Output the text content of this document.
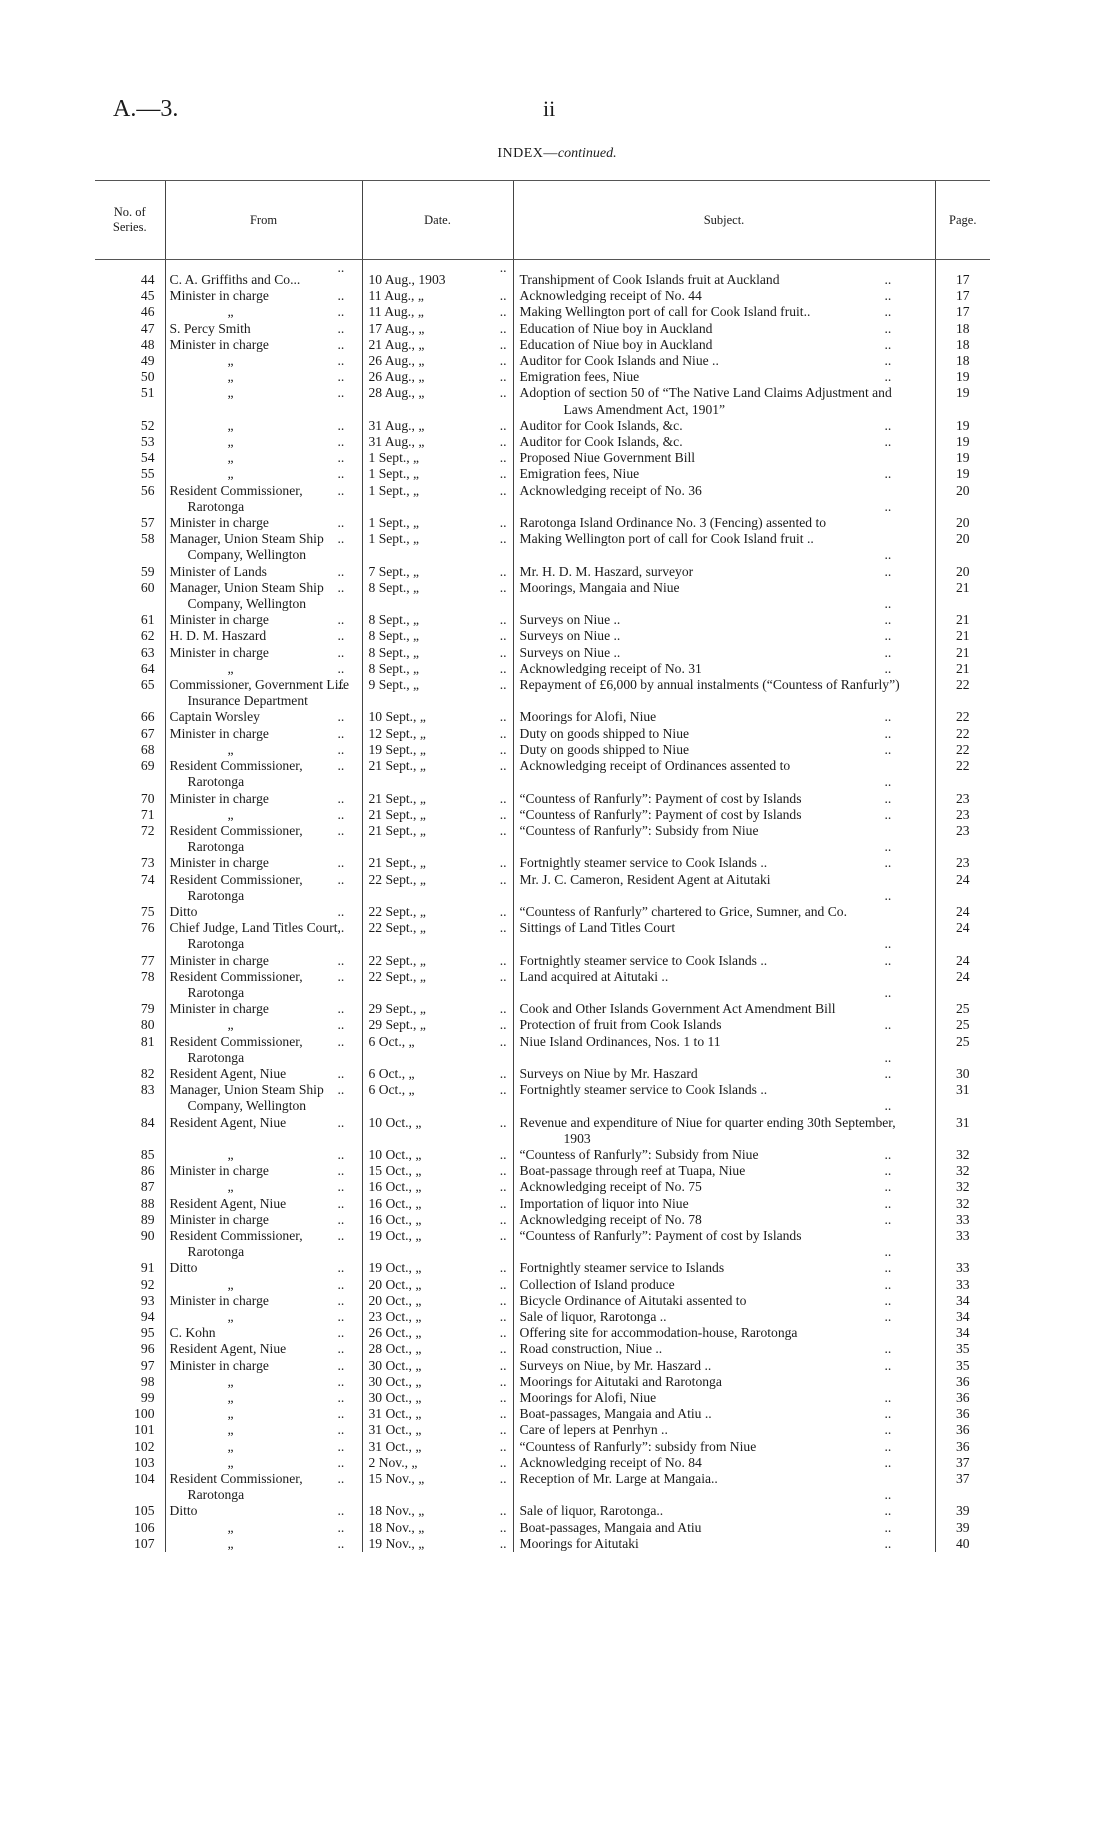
A.—3.	ii
INDEX—continued.
No. of Series.	From	Date.	Subject.	Page.
44	C. A. Griffiths and Co... ..	10 Aug., 1903 ..	Transhipment of Cook Islands fruit at Auckland ..	17
45	Minister in charge ..	11 Aug., „ ..	Acknowledging receipt of No. 44 ..	17
46	„ ..	11 Aug., „ ..	Making Wellington port of call for Cook Island fruit.. ..	17
47	S. Percy Smith ..	17 Aug., „ ..	Education of Niue boy in Auckland ..	18
48	Minister in charge ..	21 Aug., „ ..	Education of Niue boy in Auckland ..	18
49	„ ..	26 Aug., „ ..	Auditor for Cook Islands and Niue .. ..	18
50	„ ..	26 Aug., „ ..	Emigration fees, Niue ..	19
51	„ ..	28 Aug., „ ..	Adoption of section 50 of “The Native Land Claims Adjustment and Laws Amendment Act, 1901”	19
52	„ ..	31 Aug., „ ..	Auditor for Cook Islands, &c. ..	19
53	„ ..	31 Aug., „ ..	Auditor for Cook Islands, &c. ..	19
54	„ ..	1 Sept., „ ..	Proposed Niue Government Bill	19
55	„ ..	1 Sept., „ ..	Emigration fees, Niue ..	19
56	Resident Commissioner, Rarotonga ..	1 Sept., „ ..	Acknowledging receipt of No. 36 ..	20
57	Minister in charge ..	1 Sept., „ ..	Rarotonga Island Ordinance No. 3 (Fencing) assented to	20
58	Manager, Union Steam Ship Company, Wellington ..	1 Sept., „ ..	Making Wellington port of call for Cook Island fruit .. ..	20
59	Minister of Lands ..	7 Sept., „ ..	Mr. H. D. M. Haszard, surveyor ..	20
60	Manager, Union Steam Ship Company, Wellington ..	8 Sept., „ ..	Moorings, Mangaia and Niue ..	21
61	Minister in charge ..	8 Sept., „ ..	Surveys on Niue .. ..	21
62	H. D. M. Haszard ..	8 Sept., „ ..	Surveys on Niue .. ..	21
63	Minister in charge ..	8 Sept., „ ..	Surveys on Niue .. ..	21
64	„ ..	8 Sept., „ ..	Acknowledging receipt of No. 31 ..	21
65	Commissioner, Government Life Insurance Department ..	9 Sept., „ ..	Repayment of £6,000 by annual instalments (“Countess of Ranfurly”)	22
66	Captain Worsley ..	10 Sept., „ ..	Moorings for Alofi, Niue ..	22
67	Minister in charge ..	12 Sept., „ ..	Duty on goods shipped to Niue ..	22
68	„ ..	19 Sept., „ ..	Duty on goods shipped to Niue ..	22
69	Resident Commissioner, Rarotonga ..	21 Sept., „ ..	Acknowledging receipt of Ordinances assented to ..	22
70	Minister in charge ..	21 Sept., „ ..	“Countess of Ranfurly”: Payment of cost by Islands ..	23
71	„ ..	21 Sept., „ ..	“Countess of Ranfurly”: Payment of cost by Islands ..	23
72	Resident Commissioner, Rarotonga ..	21 Sept., „ ..	“Countess of Ranfurly”: Subsidy from Niue ..	23
73	Minister in charge ..	21 Sept., „ ..	Fortnightly steamer service to Cook Islands .. ..	23
74	Resident Commissioner, Rarotonga ..	22 Sept., „ ..	Mr. J. C. Cameron, Resident Agent at Aitutaki ..	24
75	Ditto ..	22 Sept., „ ..	“Countess of Ranfurly” chartered to Grice, Sumner, and Co.	24
76	Chief Judge, Land Titles Court, Rarotonga ..	22 Sept., „ ..	Sittings of Land Titles Court ..	24
77	Minister in charge ..	22 Sept., „ ..	Fortnightly steamer service to Cook Islands .. ..	24
78	Resident Commissioner, Rarotonga ..	22 Sept., „ ..	Land acquired at Aitutaki .. ..	24
79	Minister in charge ..	29 Sept., „ ..	Cook and Other Islands Government Act Amendment Bill	25
80	„ ..	29 Sept., „ ..	Protection of fruit from Cook Islands ..	25
81	Resident Commissioner, Rarotonga ..	6 Oct., „ ..	Niue Island Ordinances, Nos. 1 to 11 ..	25
82	Resident Agent, Niue ..	6 Oct., „ ..	Surveys on Niue by Mr. Haszard ..	30
83	Manager, Union Steam Ship Company, Wellington ..	6 Oct., „ ..	Fortnightly steamer service to Cook Islands .. ..	31
84	Resident Agent, Niue ..	10 Oct., „ ..	Revenue and expenditure of Niue for quarter ending 30th September, 1903	31
85	„ ..	10 Oct., „ ..	“Countess of Ranfurly”: Subsidy from Niue ..	32
86	Minister in charge ..	15 Oct., „ ..	Boat-passage through reef at Tuapa, Niue ..	32
87	„ ..	16 Oct., „ ..	Acknowledging receipt of No. 75 ..	32
88	Resident Agent, Niue ..	16 Oct., „ ..	Importation of liquor into Niue ..	32
89	Minister in charge ..	16 Oct., „ ..	Acknowledging receipt of No. 78 ..	33
90	Resident Commissioner, Rarotonga ..	19 Oct., „ ..	“Countess of Ranfurly”: Payment of cost by Islands ..	33
91	Ditto ..	19 Oct., „ ..	Fortnightly steamer service to Islands ..	33
92	„ ..	20 Oct., „ ..	Collection of Island produce ..	33
93	Minister in charge ..	20 Oct., „ ..	Bicycle Ordinance of Aitutaki assented to ..	34
94	„ ..	23 Oct., „ ..	Sale of liquor, Rarotonga .. ..	34
95	C. Kohn ..	26 Oct., „ ..	Offering site for accommodation-house, Rarotonga	34
96	Resident Agent, Niue ..	28 Oct., „ ..	Road construction, Niue .. ..	35
97	Minister in charge ..	30 Oct., „ ..	Surveys on Niue, by Mr. Haszard .. ..	35
98	„ ..	30 Oct., „ ..	Moorings for Aitutaki and Rarotonga	36
99	„ ..	30 Oct., „ ..	Moorings for Alofi, Niue ..	36
100	„ ..	31 Oct., „ ..	Boat-passages, Mangaia and Atiu .. ..	36
101	„ ..	31 Oct., „ ..	Care of lepers at Penrhyn .. ..	36
102	„ ..	31 Oct., „ ..	“Countess of Ranfurly”: subsidy from Niue ..	36
103	„ ..	2 Nov., „ ..	Acknowledging receipt of No. 84 ..	37
104	Resident Commissioner, Rarotonga ..	15 Nov., „ ..	Reception of Mr. Large at Mangaia.. ..	37
105	Ditto ..	18 Nov., „ ..	Sale of liquor, Rarotonga.. ..	39
106	„ ..	18 Nov., „ ..	Boat-passages, Mangaia and Atiu ..	39
107	„ ..	19 Nov., „ ..	Moorings for Aitutaki ..	40
